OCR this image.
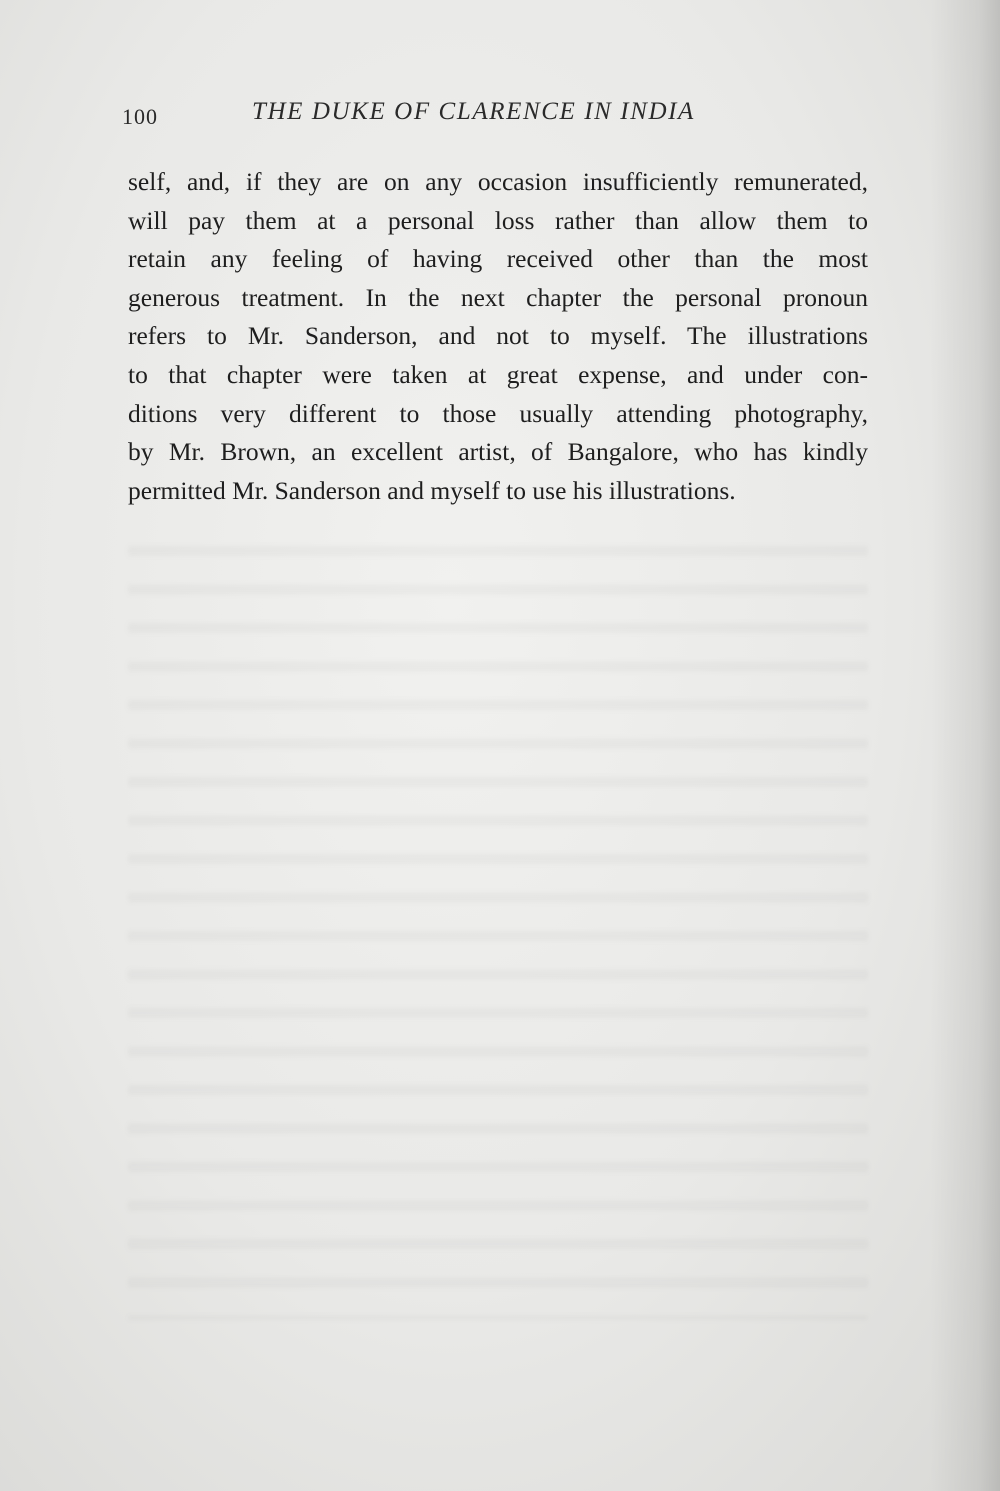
100	THE DUKE OF CLARENCE IN INDIA
self, and, if they are on any occasion insufficiently remunerated,
will pay them at a personal loss rather than allow them to
retain any feeling of having received other than the most
generous treatment. In the next chapter the personal pronoun
refers to Mr. Sanderson, and not to myself. The illustrations
to that chapter were taken at great expense, and under con-
ditions very different to those usually attending photography,
by Mr. Brown, an excellent artist, of Bangalore, who has kindly
permitted Mr. Sanderson and myself to use his illustrations.
